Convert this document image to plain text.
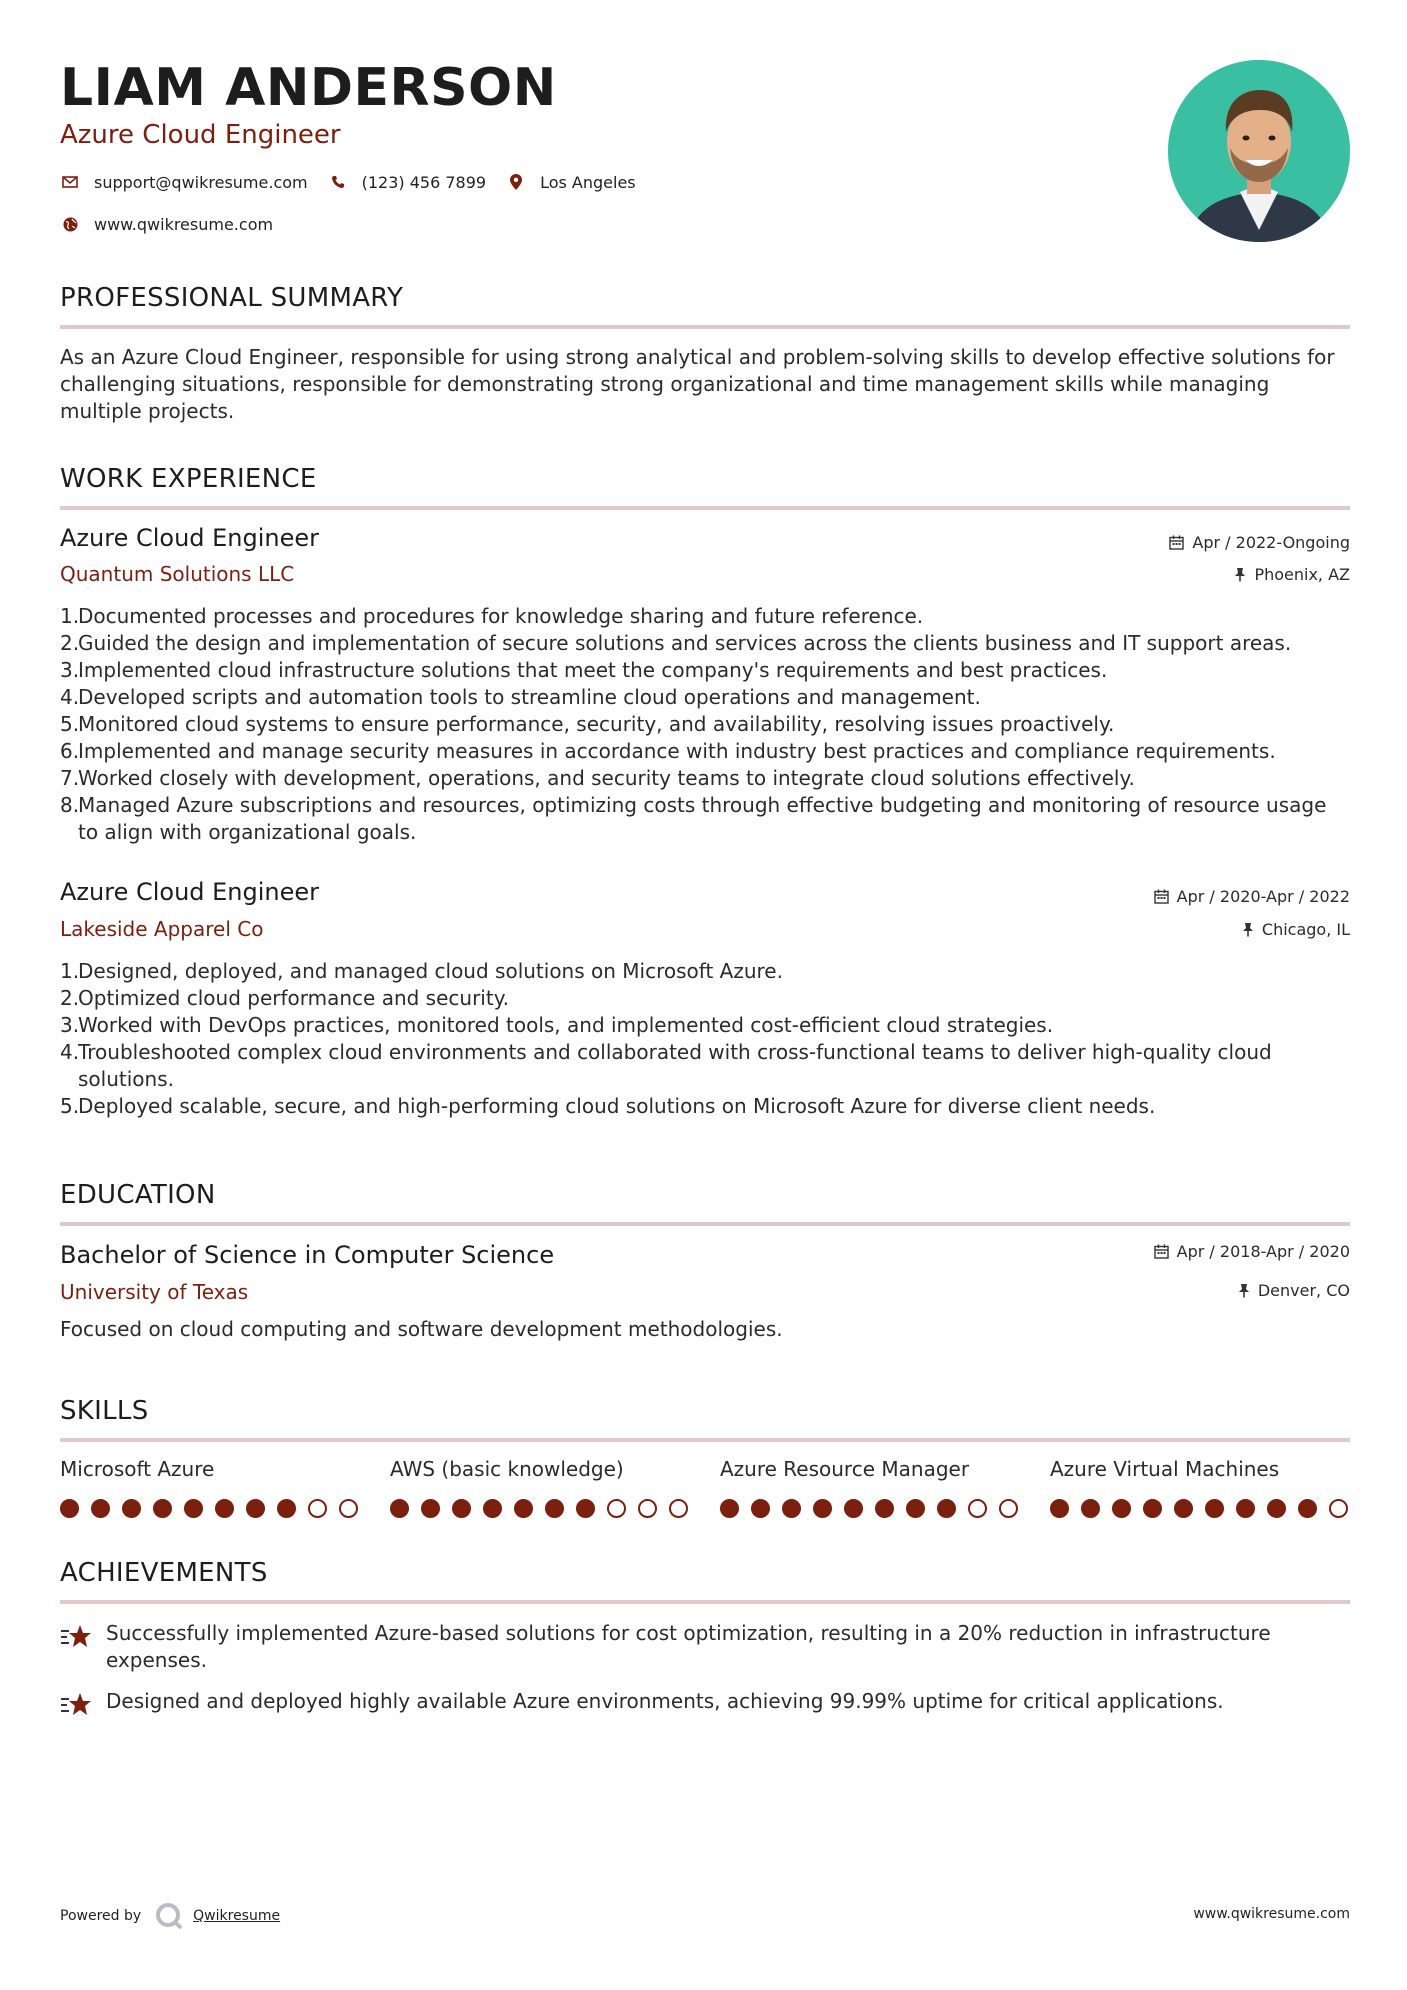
LIAM ANDERSON
Azure Cloud Engineer
support@qwikresume.com	(123) 456 7899	Los Angeles
www.qwikresume.com
PROFESSIONAL SUMMARY
As an Azure Cloud Engineer, responsible for using strong analytical and problem-solving skills to develop effective solutions for challenging situations, responsible for demonstrating strong organizational and time management skills while managing multiple projects.
WORK EXPERIENCE
Azure Cloud Engineer
Quantum Solutions LLC
Apr / 2022-Ongoing
Phoenix, AZ
1.
Documented processes and procedures for knowledge sharing and future reference.
2.
Guided the design and implementation of secure solutions and services across the clients business and IT support areas.
3.
Implemented cloud infrastructure solutions that meet the company's requirements and best practices.
4.
Developed scripts and automation tools to streamline cloud operations and management.
5.
Monitored cloud systems to ensure performance, security, and availability, resolving issues proactively.
6.
Implemented and manage security measures in accordance with industry best practices and compliance requirements.
7.
Worked closely with development, operations, and security teams to integrate cloud solutions effectively.
8.
Managed Azure subscriptions and resources, optimizing costs through effective budgeting and monitoring of resource usage to align with organizational goals.
Azure Cloud Engineer
Lakeside Apparel Co
Apr / 2020-Apr / 2022
Chicago, IL
1.
Designed, deployed, and managed cloud solutions on Microsoft Azure.
2.
Optimized cloud performance and security.
3.
Worked with DevOps practices, monitored tools, and implemented cost-efficient cloud strategies.
4.
Troubleshooted complex cloud environments and collaborated with cross-functional teams to deliver high-quality cloud solutions.
5.
Deployed scalable, secure, and high-performing cloud solutions on Microsoft Azure for diverse client needs.
EDUCATION
Bachelor of Science in Computer Science
University of Texas
Apr / 2018-Apr / 2020
Denver, CO
Focused on cloud computing and software development methodologies.
SKILLS
Microsoft Azure	AWS (basic knowledge)	Azure Resource Manager	Azure Virtual Machines
ACHIEVEMENTS
Successfully implemented Azure-based solutions for cost optimization, resulting in a 20% reduction in infrastructure expenses.
Designed and deployed highly available Azure environments, achieving 99.99% uptime for critical applications.
Powered by	Qwikresume	www.qwikresume.com
